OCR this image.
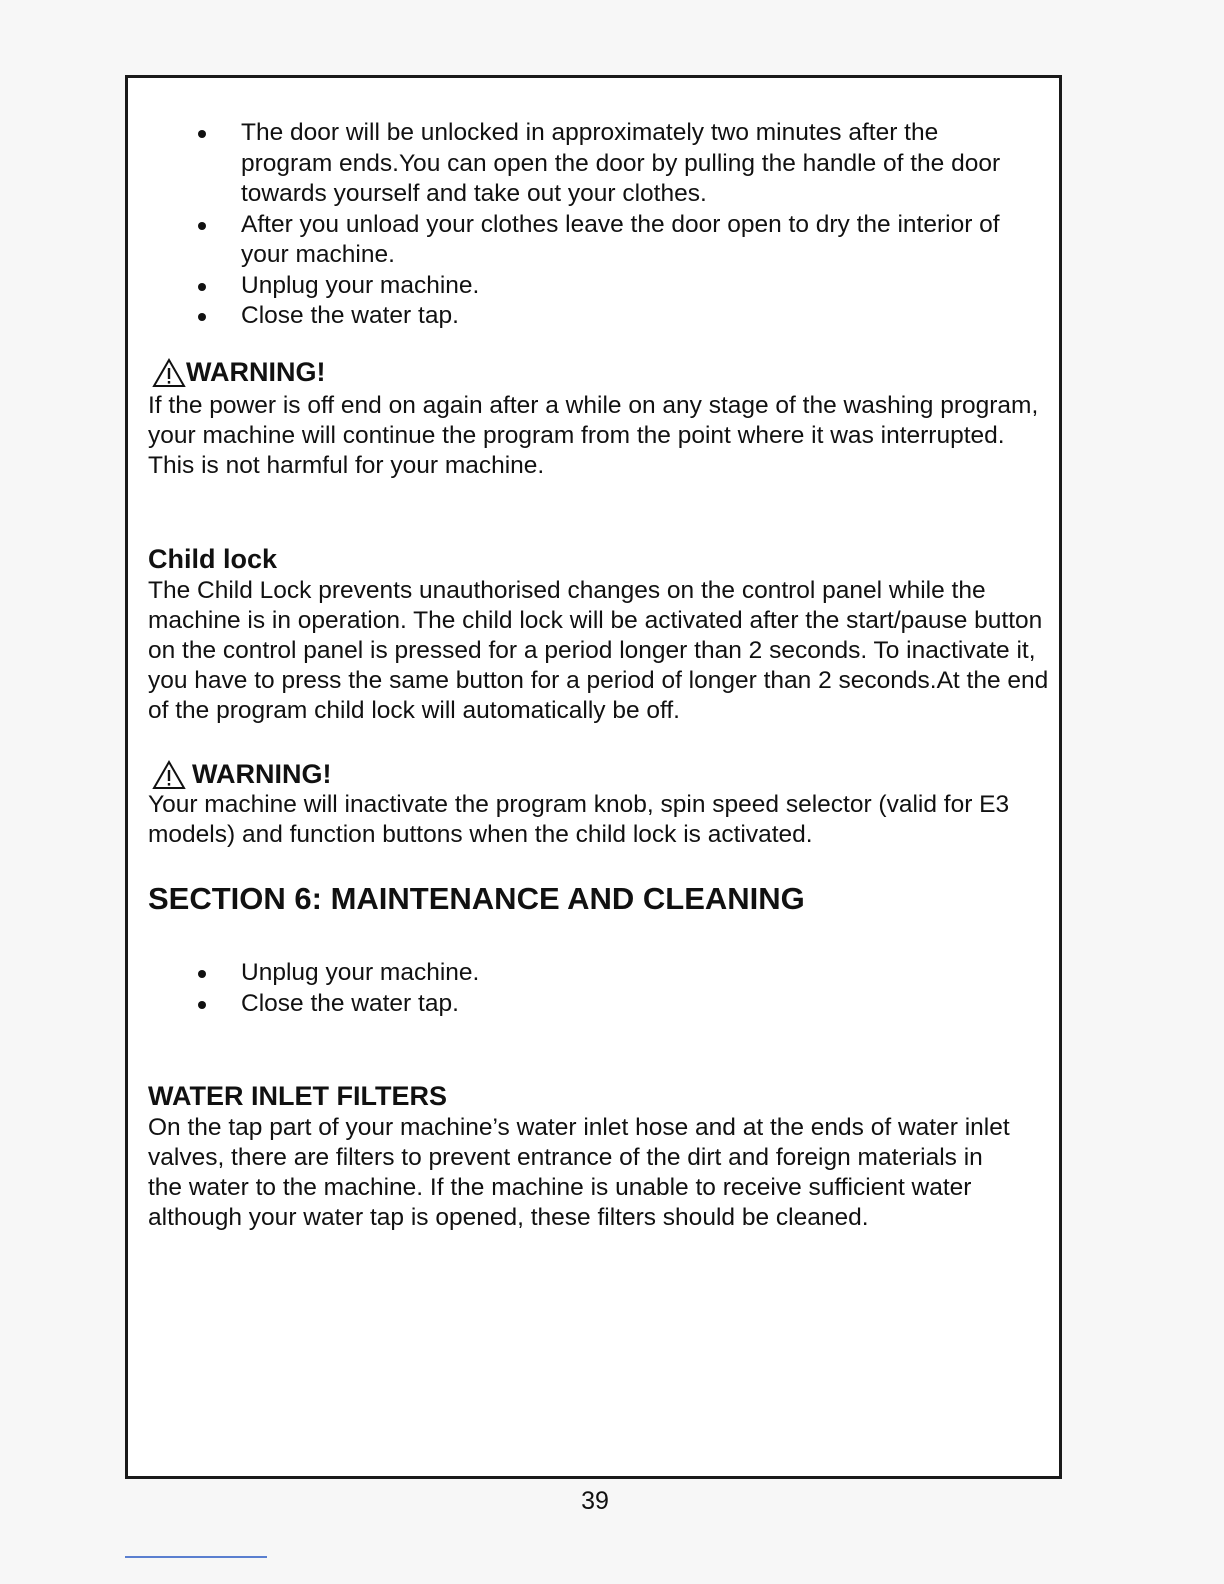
The door will be unlocked in approximately two minutes after the program ends.You can open the door by pulling the handle of the door towards yourself and take out your clothes.
After you unload your clothes leave the door open to dry the interior of your machine.
Unplug your machine.
Close the water tap.
WARNING!

If the power is off end on again after a while on any stage of the washing program, your machine will continue the program from the point where it was interrupted. This is not harmful for your machine.

Child lock

The Child Lock prevents unauthorised changes on the control panel while the machine is in operation. The child lock will be activated after the start/pause button on the control panel is pressed for a period longer than 2 seconds. To inactivate it, you have to press the same button for a period of longer than 2 seconds.At the end of the program child lock will automatically be off.

WARNING!

Your machine will inactivate the program knob, spin speed selector (valid for E3 models) and function buttons when the child lock is activated.

SECTION 6: MAINTENANCE AND CLEANING
Unplug your machine.
Close the water tap.
WATER INLET FILTERS

On the tap part of your machine’s water inlet hose and at the ends of water inlet valves, there are filters to prevent entrance of the dirt and foreign materials in the water to the machine. If the machine is unable to receive sufficient water although your water tap is opened, these filters should be cleaned.

39
